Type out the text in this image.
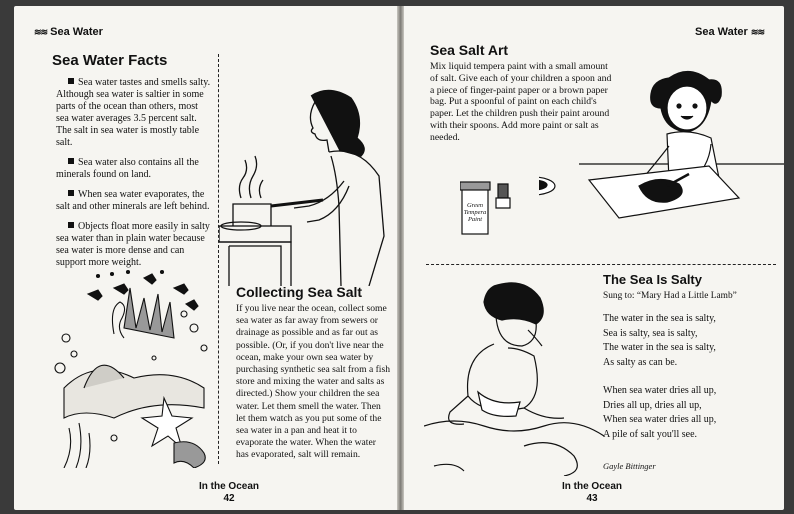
≋≋ Sea Water
Sea Water Facts

Sea water tastes and smells salty. Although sea water is saltier in some parts of the ocean than others, most sea water averages 3.5 percent salt. The salt in sea water is mostly table salt.

Sea water also contains all the minerals found on land.

When sea water evaporates, the salt and other minerals are left behind.

Objects float more easily in salty sea water than in plain water because sea water is more dense and can support more weight.

Collecting Sea Salt
If you live near the ocean, collect some sea water as far away from sewers or drainage as possible and as far out as possible. (Or, if you don't live near the ocean, make your own sea water by purchasing synthetic sea salt from a fish store and mixing the water and salts as directed.) Show your children the sea water. Let them smell the water. Then let them watch as you put some of the sea water in a pan and heat it to evaporate the water. When the water has evaporated, salt will remain.
In the Ocean
42
Sea Water ≋≋
Sea Salt Art
Mix liquid tempera paint with a small amount of salt. Give each of your children a spoon and a piece of finger-paint paper or a brown paper bag. Put a spoonful of paint on each child's paper. Let the children push their paint around with their spoons. Add more paint or salt as needed.
Green
Tempera
Paint
The Sea Is Salty
Sung to: “Mary Had a Little Lamb”

The water in the sea is salty,

Sea is salty, sea is salty,

The water in the sea is salty,

As salty as can be.

When sea water dries all up,

Dries all up, dries all up,

When sea water dries all up,

A pile of salt you'll see.

Gayle Bittinger
In the Ocean
43
